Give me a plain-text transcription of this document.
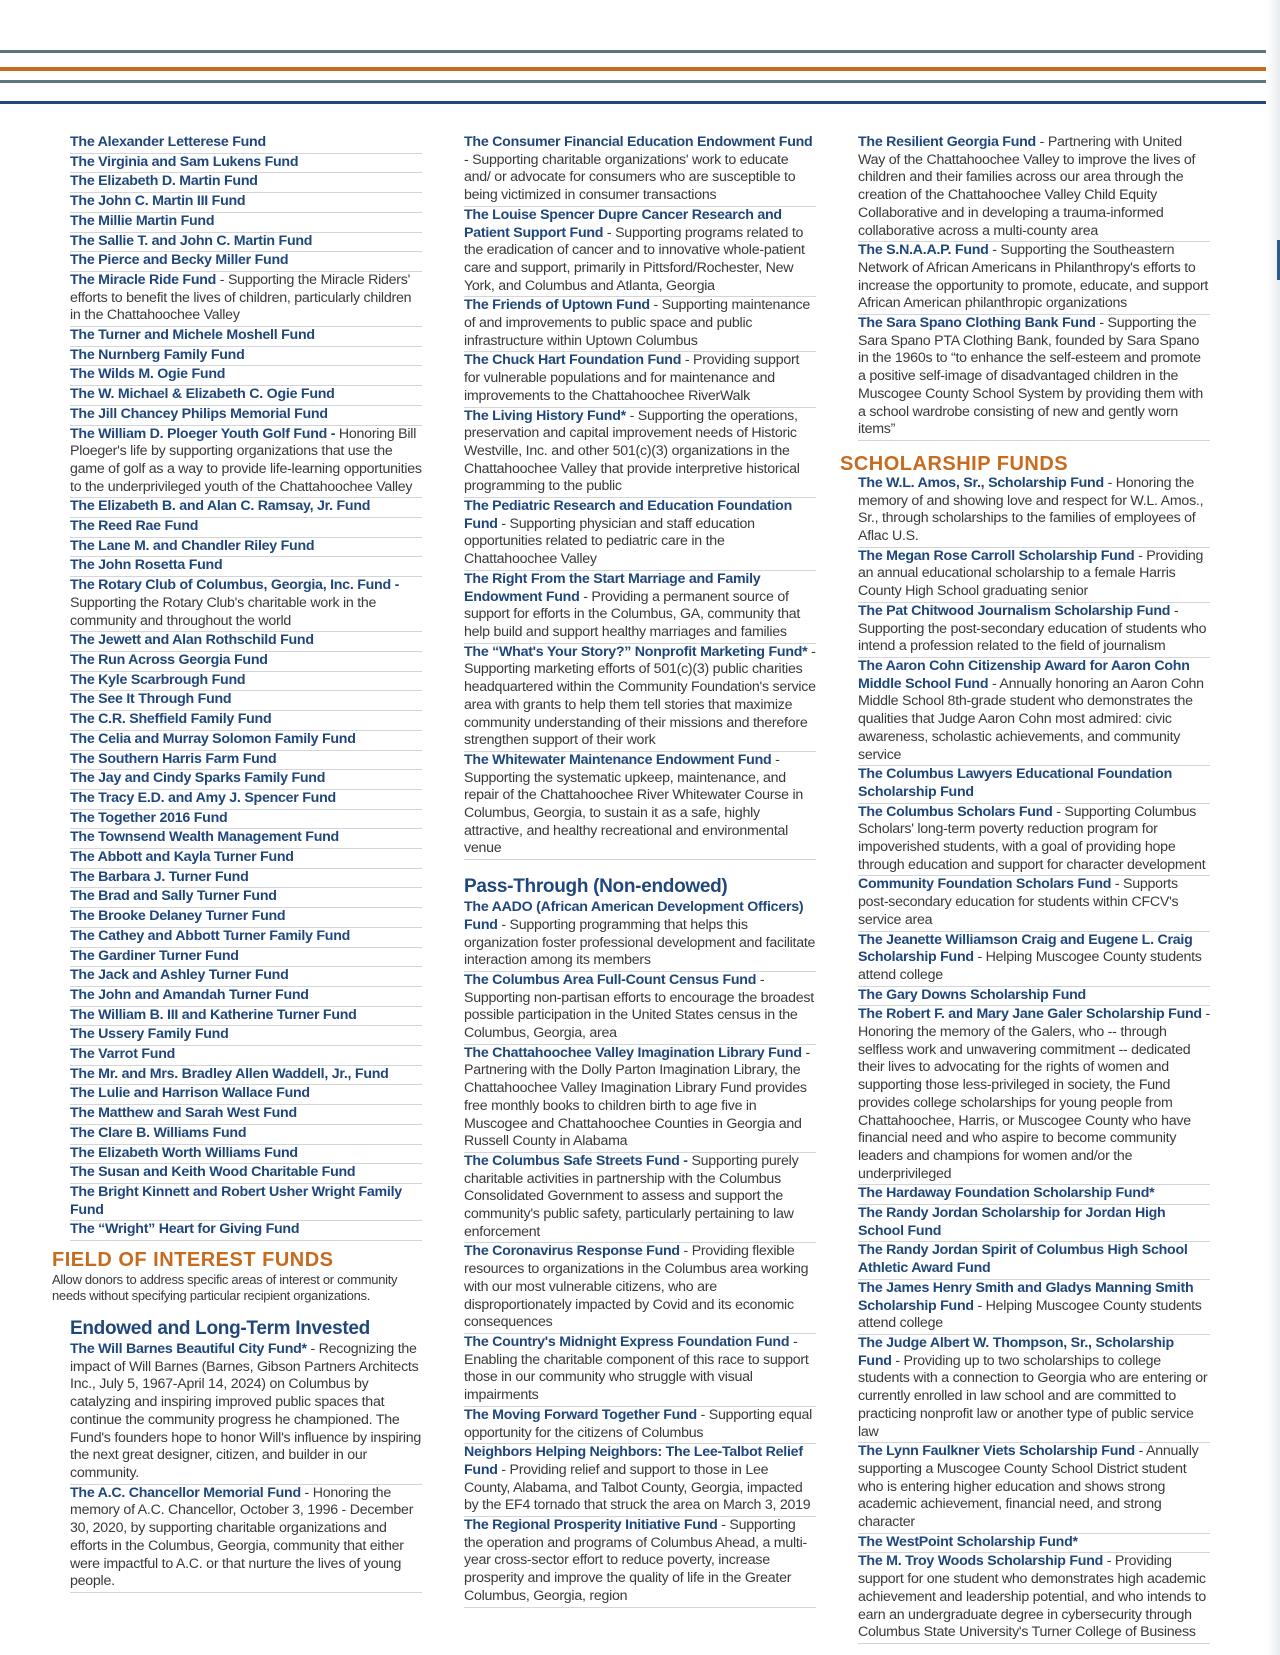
The Alexander Letterese Fund
The Virginia and Sam Lukens Fund
The Elizabeth D. Martin Fund
The John C. Martin III Fund
The Millie Martin Fund
The Sallie T. and John C. Martin Fund
The Pierce and Becky Miller Fund
The Miracle Ride Fund - Supporting the Miracle Riders' efforts to benefit the lives of children, particularly children in the Chattahoochee Valley
The Turner and Michele Moshell Fund
The Nurnberg Family Fund
The Wilds M. Ogie Fund
The W. Michael & Elizabeth C. Ogie Fund
The Jill Chancey Philips Memorial Fund
The William D. Ploeger Youth Golf Fund - Honoring Bill Ploeger's life by supporting organizations that use the game of golf as a way to provide life-learning opportunities to the underprivileged youth of the Chattahoochee Valley
The Elizabeth B. and Alan C. Ramsay, Jr. Fund
The Reed Rae Fund
The Lane M. and Chandler Riley Fund
The John Rosetta Fund
The Rotary Club of Columbus, Georgia, Inc. Fund - Supporting the Rotary Club's charitable work in the community and throughout the world
The Jewett and Alan Rothschild Fund
The Run Across Georgia Fund
The Kyle Scarbrough Fund
The See It Through Fund
The C.R. Sheffield Family Fund
The Celia and Murray Solomon Family Fund
The Southern Harris Farm Fund
The Jay and Cindy Sparks Family Fund
The Tracy E.D. and Amy J. Spencer Fund
The Together 2016 Fund
The Townsend Wealth Management Fund
The Abbott and Kayla Turner Fund
The Barbara J. Turner Fund
The Brad and Sally Turner Fund
The Brooke Delaney Turner Fund
The Cathey and Abbott Turner Family Fund
The Gardiner Turner Fund
The Jack and Ashley Turner Fund
The John and Amandah Turner Fund
The William B. III and Katherine Turner Fund
The Ussery Family Fund
The Varrot Fund
The Mr. and Mrs. Bradley Allen Waddell, Jr., Fund
The Lulie and Harrison Wallace Fund
The Matthew and Sarah West Fund
The Clare B. Williams Fund
The Elizabeth Worth Williams Fund
The Susan and Keith Wood Charitable Fund
The Bright Kinnett and Robert Usher Wright Family Fund
The “Wright” Heart for Giving Fund
FIELD OF INTEREST FUNDS
Allow donors to address specific areas of interest or community needs without specifying particular recipient organizations.
Endowed and Long-Term Invested
The Will Barnes Beautiful City Fund* - Recognizing the impact of Will Barnes (Barnes, Gibson Partners Architects Inc., July 5, 1967-April 14, 2024) on Columbus by catalyzing and inspiring improved public spaces that continue the community progress he championed. The Fund's founders hope to honor Will's influence by inspiring the next great designer, citizen, and builder in our community.
The A.C. Chancellor Memorial Fund - Honoring the memory of A.C. Chancellor, October 3, 1996 - December 30, 2020, by supporting charitable organizations and efforts in the Columbus, Georgia, community that either were impactful to A.C. or that nurture the lives of young people.
The Consumer Financial Education Endowment Fund - Supporting charitable organizations' work to educate and/ or advocate for consumers who are susceptible to being victimized in consumer transactions
The Louise Spencer Dupre Cancer Research and Patient Support Fund - Supporting programs related to the eradication of cancer and to innovative whole-patient care and support, primarily in Pittsford/Rochester, New York, and Columbus and Atlanta, Georgia
The Friends of Uptown Fund - Supporting maintenance of and improvements to public space and public infrastructure within Uptown Columbus
The Chuck Hart Foundation Fund - Providing support for vulnerable populations and for maintenance and improvements to the Chattahoochee RiverWalk
The Living History Fund* - Supporting the operations, preservation and capital improvement needs of Historic Westville, Inc. and other 501(c)(3) organizations in the Chattahoochee Valley that provide interpretive historical programming to the public
The Pediatric Research and Education Foundation Fund - Supporting physician and staff education opportunities related to pediatric care in the Chattahoochee Valley
The Right From the Start Marriage and Family Endowment Fund - Providing a permanent source of support for efforts in the Columbus, GA, community that help build and support healthy marriages and families
The “What's Your Story?” Nonprofit Marketing Fund* - Supporting marketing efforts of 501(c)(3) public charities headquartered within the Community Foundation's service area with grants to help them tell stories that maximize community understanding of their missions and therefore strengthen support of their work
The Whitewater Maintenance Endowment Fund - Supporting the systematic upkeep, maintenance, and repair of the Chattahoochee River Whitewater Course in Columbus, Georgia, to sustain it as a safe, highly attractive, and healthy recreational and environmental venue
Pass-Through (Non-endowed)
The AADO (African American Development Officers) Fund - Supporting programming that helps this organization foster professional development and facilitate interaction among its members
The Columbus Area Full-Count Census Fund - Supporting non-partisan efforts to encourage the broadest possible participation in the United States census in the Columbus, Georgia, area
The Chattahoochee Valley Imagination Library Fund - Partnering with the Dolly Parton Imagination Library, the Chattahoochee Valley Imagination Library Fund provides free monthly books to children birth to age five in Muscogee and Chattahoochee Counties in Georgia and Russell County in Alabama
The Columbus Safe Streets Fund - Supporting purely charitable activities in partnership with the Columbus Consolidated Government to assess and support the community's public safety, particularly pertaining to law enforcement
The Coronavirus Response Fund - Providing flexible resources to organizations in the Columbus area working with our most vulnerable citizens, who are disproportionately impacted by Covid and its economic consequences
The Country's Midnight Express Foundation Fund - Enabling the charitable component of this race to support those in our community who struggle with visual impairments
The Moving Forward Together Fund - Supporting equal opportunity for the citizens of Columbus
Neighbors Helping Neighbors: The Lee-Talbot Relief Fund - Providing relief and support to those in Lee County, Alabama, and Talbot County, Georgia, impacted by the EF4 tornado that struck the area on March 3, 2019
The Regional Prosperity Initiative Fund - Supporting the operation and programs of Columbus Ahead, a multi-year cross-sector effort to reduce poverty, increase prosperity and improve the quality of life in the Greater Columbus, Georgia, region
The Resilient Georgia Fund - Partnering with United Way of the Chattahoochee Valley to improve the lives of children and their families across our area through the creation of the Chattahoochee Valley Child Equity Collaborative and in developing a trauma-informed collaborative across a multi-county area
The S.N.A.A.P. Fund - Supporting the Southeastern Network of African Americans in Philanthropy's efforts to increase the opportunity to promote, educate, and support African American philanthropic organizations
The Sara Spano Clothing Bank Fund - Supporting the Sara Spano PTA Clothing Bank, founded by Sara Spano in the 1960s to “to enhance the self-esteem and promote a positive self-image of disadvantaged children in the Muscogee County School System by providing them with a school wardrobe consisting of new and gently worn items”
SCHOLARSHIP FUNDS
The W.L. Amos, Sr., Scholarship Fund - Honoring the memory of and showing love and respect for W.L. Amos., Sr., through scholarships to the families of employees of Aflac U.S.
The Megan Rose Carroll Scholarship Fund - Providing an annual educational scholarship to a female Harris County High School graduating senior
The Pat Chitwood Journalism Scholarship Fund - Supporting the post-secondary education of students who intend a profession related to the field of journalism
The Aaron Cohn Citizenship Award for Aaron Cohn Middle School Fund - Annually honoring an Aaron Cohn Middle School 8th-grade student who demonstrates the qualities that Judge Aaron Cohn most admired: civic awareness, scholastic achievements, and community service
The Columbus Lawyers Educational Foundation Scholarship Fund
The Columbus Scholars Fund - Supporting Columbus Scholars' long-term poverty reduction program for impoverished students, with a goal of providing hope through education and support for character development
Community Foundation Scholars Fund - Supports post-secondary education for students within CFCV's service area
The Jeanette Williamson Craig and Eugene L. Craig Scholarship Fund - Helping Muscogee County students attend college
The Gary Downs Scholarship Fund
The Robert F. and Mary Jane Galer Scholarship Fund - Honoring the memory of the Galers, who -- through selfless work and unwavering commitment -- dedicated their lives to advocating for the rights of women and supporting those less-privileged in society, the Fund provides college scholarships for young people from Chattahoochee, Harris, or Muscogee County who have financial need and who aspire to become community leaders and champions for women and/or the underprivileged
The Hardaway Foundation Scholarship Fund*
The Randy Jordan Scholarship for Jordan High School Fund
The Randy Jordan Spirit of Columbus High School Athletic Award Fund
The James Henry Smith and Gladys Manning Smith Scholarship Fund - Helping Muscogee County students attend college
The Judge Albert W. Thompson, Sr., Scholarship Fund - Providing up to two scholarships to college students with a connection to Georgia who are entering or currently enrolled in law school and are committed to practicing nonprofit law or another type of public service law
The Lynn Faulkner Viets Scholarship Fund - Annually supporting a Muscogee County School District student who is entering higher education and shows strong academic achievement, financial need, and strong character
The WestPoint Scholarship Fund*
The M. Troy Woods Scholarship Fund - Providing support for one student who demonstrates high academic achievement and leadership potential, and who intends to earn an undergraduate degree in cybersecurity through Columbus State University's Turner College of Business
